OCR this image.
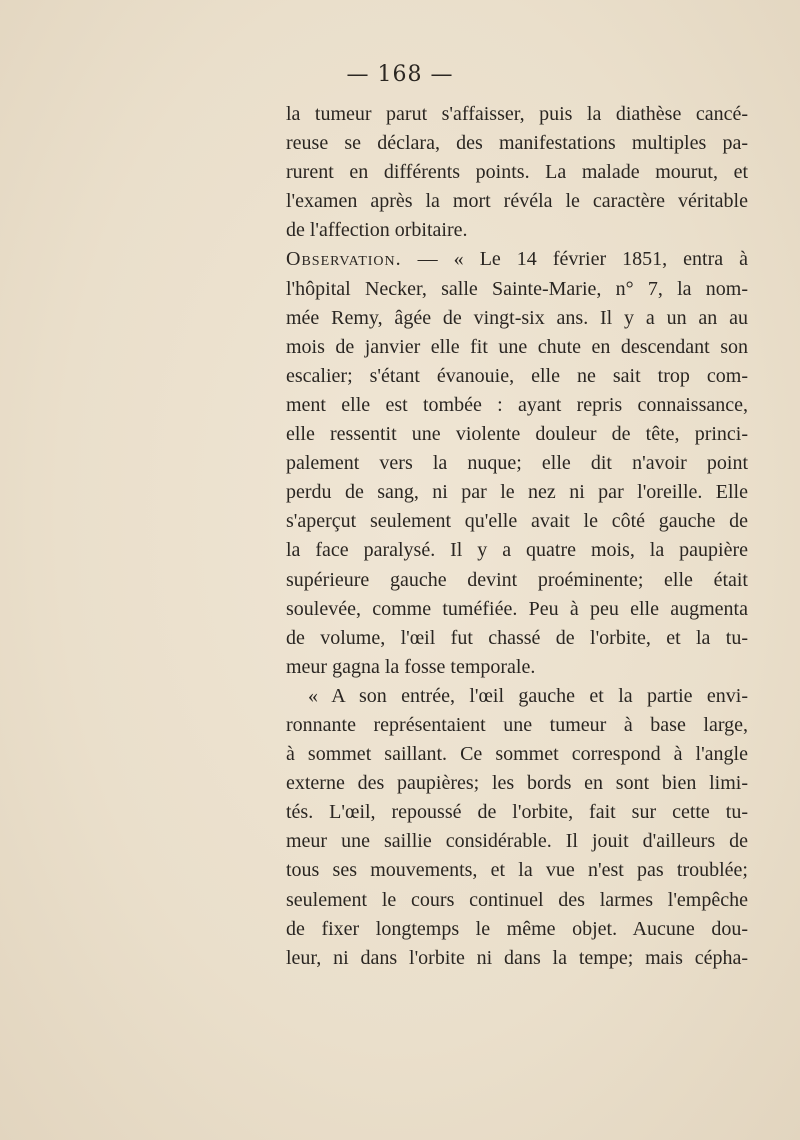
— 168 —
la tumeur parut s'affaisser, puis la diathèse cancé-
reuse se déclara, des manifestations multiples pa-
rurent en différents points. La malade mourut, et
l'examen après la mort révéla le caractère véritable
de l'affection orbitaire.
Observation. — « Le 14 février 1851, entra à
l'hôpital Necker, salle Sainte-Marie, n° 7, la nom-
mée Remy, âgée de vingt-six ans. Il y a un an au
mois de janvier elle fit une chute en descendant son
escalier; s'étant évanouie, elle ne sait trop com-
ment elle est tombée : ayant repris connaissance,
elle ressentit une violente douleur de tête, princi-
palement vers la nuque; elle dit n'avoir point
perdu de sang, ni par le nez ni par l'oreille. Elle
s'aperçut seulement qu'elle avait le côté gauche de
la face paralysé. Il y a quatre mois, la paupière
supérieure gauche devint proéminente; elle était
soulevée, comme tuméfiée. Peu à peu elle augmenta
de volume, l'œil fut chassé de l'orbite, et la tu-
meur gagna la fosse temporale.
« A son entrée, l'œil gauche et la partie envi-
ronnante représentaient une tumeur à base large,
à sommet saillant. Ce sommet correspond à l'angle
externe des paupières; les bords en sont bien limi-
tés. L'œil, repoussé de l'orbite, fait sur cette tu-
meur une saillie considérable. Il jouit d'ailleurs de
tous ses mouvements, et la vue n'est pas troublée;
seulement le cours continuel des larmes l'empêche
de fixer longtemps le même objet. Aucune dou-
leur, ni dans l'orbite ni dans la tempe; mais cépha-
